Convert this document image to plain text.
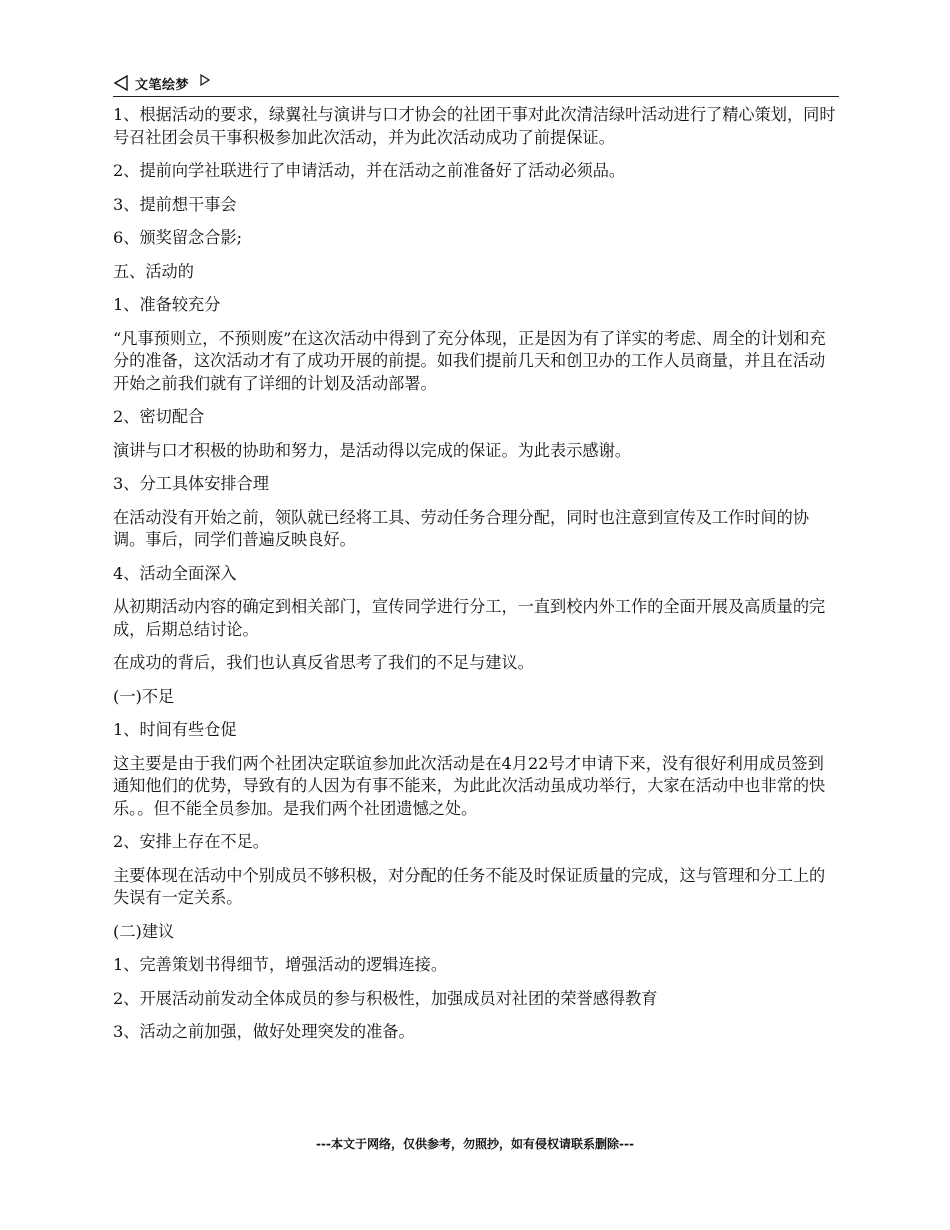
文笔绘梦

1、根据活动的要求，绿翼社与演讲与口才协会的社团干事对此次清洁绿叶活动进行了精心策划，同时号召社团会员干事积极参加此次活动，并为此次活动成功了前提保证。

2、提前向学社联进行了申请活动，并在活动之前准备好了活动必须品。

3、提前想干事会

6、颁奖留念合影;

五、活动的

1、准备较充分

“凡事预则立，不预则废”在这次活动中得到了充分体现，正是因为有了详实的考虑、周全的计划和充分的准备，这次活动才有了成功开展的前提。如我们提前几天和创卫办的工作人员商量，并且在活动开始之前我们就有了详细的计划及活动部署。

2、密切配合

演讲与口才积极的协助和努力，是活动得以完成的保证。为此表示感谢。

3、分工具体安排合理

在活动没有开始之前，领队就已经将工具、劳动任务合理分配，同时也注意到宣传及工作时间的协调。事后，同学们普遍反映良好。

4、活动全面深入

从初期活动内容的确定到相关部门，宣传同学进行分工，一直到校内外工作的全面开展及高质量的完成，后期总结讨论。

在成功的背后，我们也认真反省思考了我们的不足与建议。

(一)不足

1、时间有些仓促

这主要是由于我们两个社团决定联谊参加此次活动是在4月22号才申请下来，没有很好利用成员签到通知他们的优势，导致有的人因为有事不能来，为此此次活动虽成功举行，大家在活动中也非常的快乐。。但不能全员参加。是我们两个社团遗憾之处。

2、安排上存在不足。

主要体现在活动中个别成员不够积极，对分配的任务不能及时保证质量的完成，这与管理和分工上的失误有一定关系。

(二)建议

1、完善策划书得细节，增强活动的逻辑连接。

2、开展活动前发动全体成员的参与积极性，加强成员对社团的荣誉感得教育

3、活动之前加强，做好处理突发的准备。

---本文于网络，仅供参考，勿照抄，如有侵权请联系删除---
